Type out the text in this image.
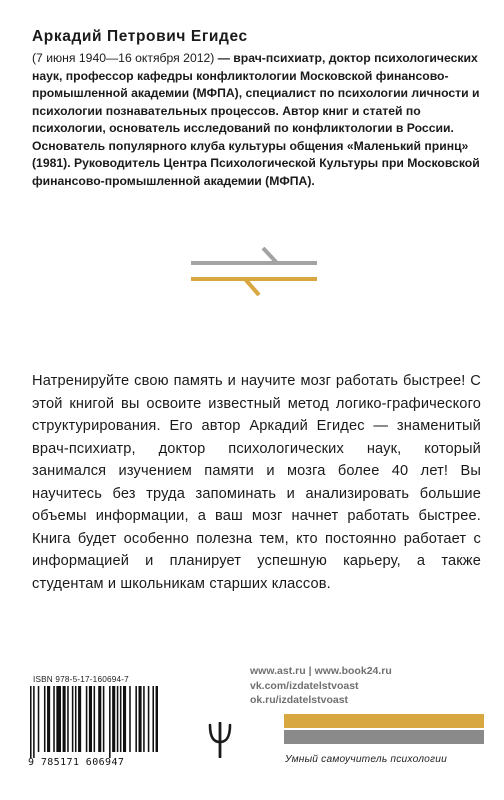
Аркадий Петрович Егидес

(7 июня 1940—16 октября 2012) — врач-психиатр, доктор психологических наук, профессор кафедры конфликтологии Московской финансово-промышленной академии (МФПА), специалист по психологии личности и психологии познавательных процессов. Автор книг и статей по психологии, основатель исследований по конфликтологии в России. Основатель популярного клуба культуры общения «Маленький принц» (1981). Руководитель Центра Психологической Культуры при Московской финансово-промышленной академии (МФПА).

Натренируйте свою память и научите мозг работать быстрее! С этой книгой вы освоите известный метод логико-графического структурирования. Его автор Аркадий Егидес — знаменитый врач-психиатр, доктор психологических наук, который занимался изучением памяти и мозга более 40 лет! Вы научитесь без труда запоминать и анализировать большие объемы информации, а ваш мозг начнет работать быстрее. Книга будет особенно полезна тем, кто постоянно работает с информацией и планирует успешную карьеру, а также студентам и школьникам старших классов.

www.ast.ru | www.book24.ru
vk.com/izdatelstvoast
ok.ru/izdatelstvoast
ISBN 978-5-17-160694-7
9 785171 606947	Умный самоучитель психологии
